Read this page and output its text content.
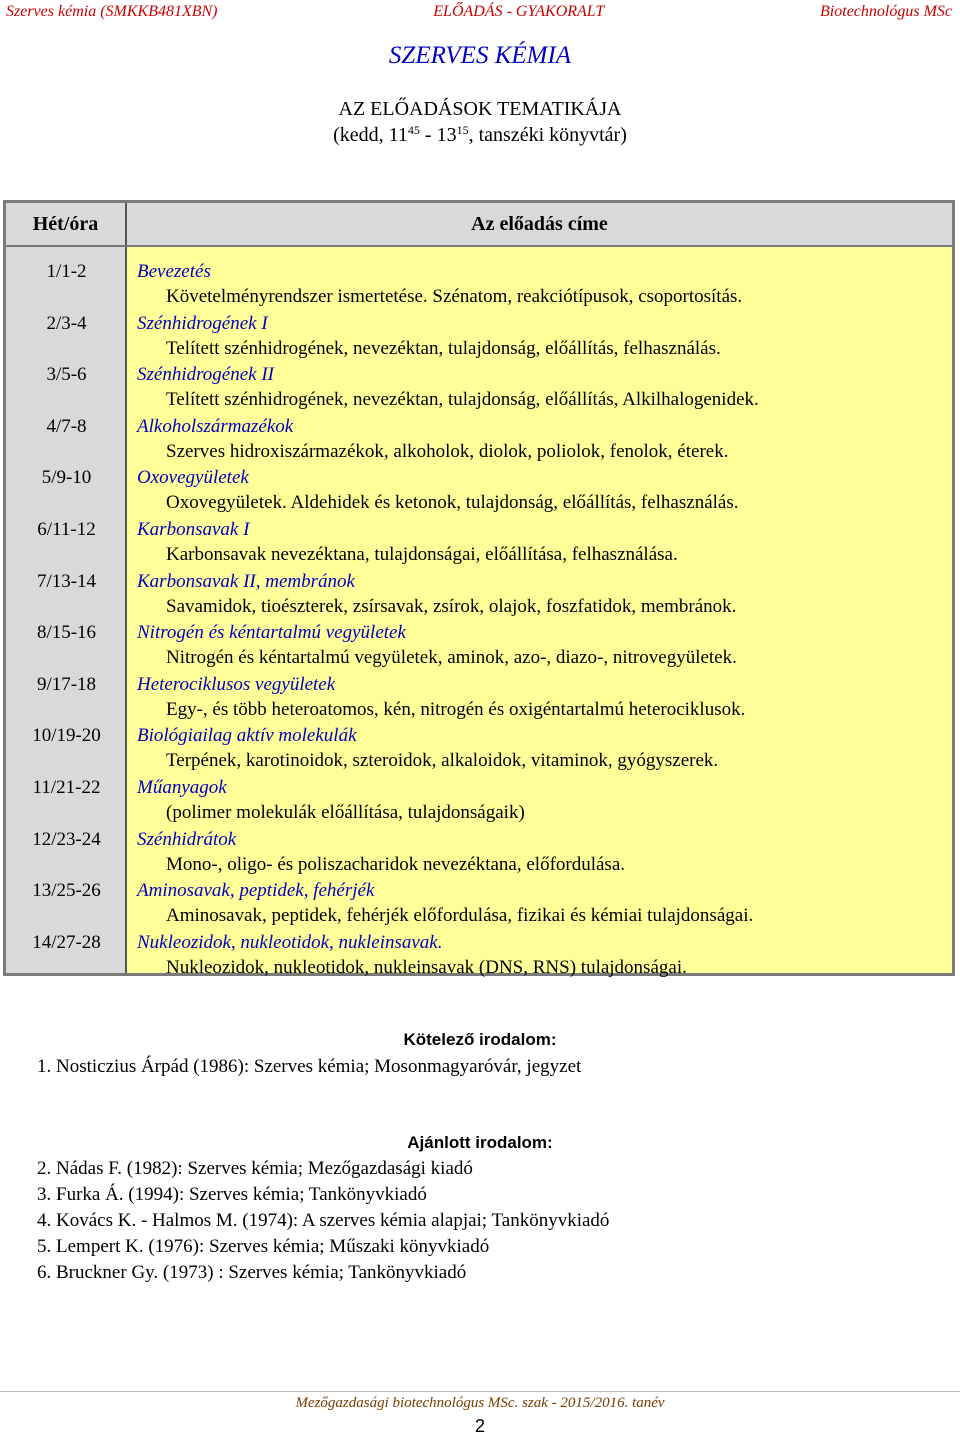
Szerves kémia (SMKKB481XBN)	ELŐADÁS - GYAKORALT	Biotechnológus MSc
SZERVES KÉMIA
AZ ELŐADÁSOK TEMATIKÁJA
(kedd, $11^{45} - 13^{15}$, tanszéki könyvtár)
Hét/óra	Az előadás címe
1/1-2	Bevezetés
Követelményrendszer ismertetése. Szénatom, reakciótípusok, csoportosítás.
2/3-4	Szénhidrogének I
Telített szénhidrogének, nevezéktan, tulajdonság, előállítás, felhasználás.
3/5-6	Szénhidrogének II
Telített szénhidrogének, nevezéktan, tulajdonság, előállítás, Alkilhalogenidek.
4/7-8	Alkoholszármazékok
Szerves hidroxiszármazékok, alkoholok, diolok, poliolok, fenolok, éterek.
5/9-10	Oxovegyületek
Oxovegyületek. Aldehidek és ketonok, tulajdonság, előállítás, felhasználás.
6/11-12	Karbonsavak I
Karbonsavak nevezéktana, tulajdonságai, előállítása, felhasználása.
7/13-14	Karbonsavak II, membránok
Savamidok, tioészterek, zsírsavak, zsírok, olajok, foszfatidok, membránok.
8/15-16	Nitrogén és kéntartalmú vegyületek
Nitrogén és kéntartalmú vegyületek, aminok, azo-, diazo-, nitrovegyületek.
9/17-18	Heterociklusos vegyületek
Egy-, és több heteroatomos, kén, nitrogén és oxigéntartalmú heterociklusok.
10/19-20	Biológiailag aktív molekulák
Terpének, karotinoidok, szteroidok, alkaloidok, vitaminok, gyógyszerek.
11/21-22	Műanyagok
(polimer molekulák előállítása, tulajdonságaik)
12/23-24	Szénhidrátok
Mono-, oligo- és poliszacharidok nevezéktana, előfordulása.
13/25-26	Aminosavak, peptidek, fehérjék
Aminosavak, peptidek, fehérjék előfordulása, fizikai és kémiai tulajdonságai.
14/27-28	Nukleozidok, nukleotidok, nukleinsavak.
Nukleozidok, nukleotidok, nukleinsavak (DNS, RNS) tulajdonságai.
Kötelező irodalom:
1. Nosticzius Árpád (1986): Szerves kémia; Mosonmagyaróvár, jegyzet
Ajánlott irodalom:
2. Nádas F. (1982): Szerves kémia; Mezőgazdasági kiadó
3. Furka Á. (1994): Szerves kémia; Tankönyvkiadó
4. Kovács K. - Halmos M. (1974): A szerves kémia alapjai; Tankönyvkiadó
5. Lempert K. (1976): Szerves kémia; Műszaki könyvkiadó
6. Bruckner Gy. (1973) : Szerves kémia; Tankönyvkiadó
Mezőgazdasági biotechnológus MSc. szak - 2015/2016. tanév
2
